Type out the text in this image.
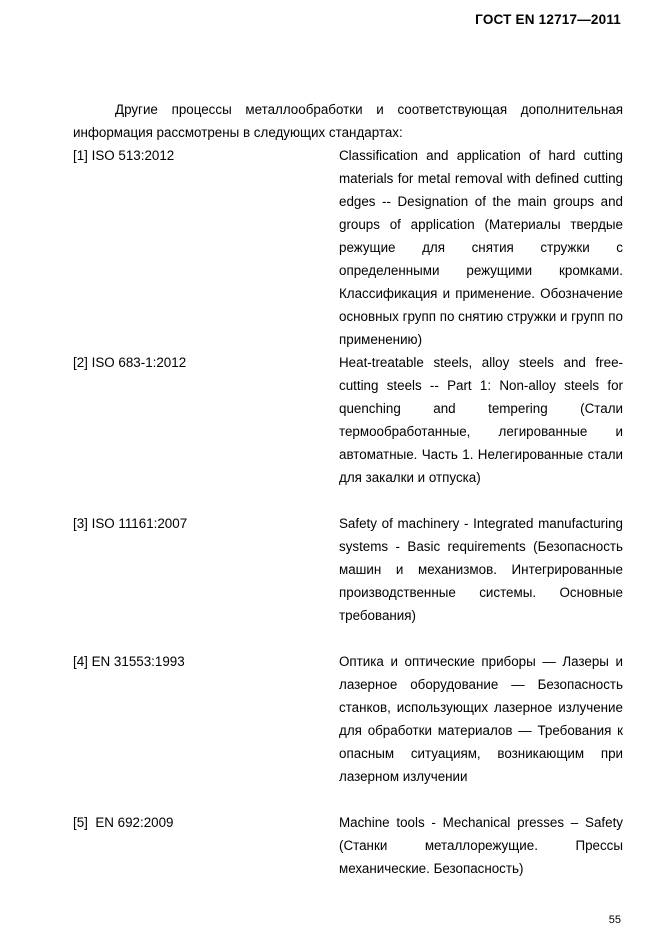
ГОСТ EN 12717—2011
Другие процессы металлообработки и соответствующая дополнительная информация рассмотрены в следующих стандартах:
[1] ISO 513:2012	Classification and application of hard cutting materials for metal removal with defined cutting edges -- Designation of the main groups and groups of application (Материалы твердые режущие для снятия стружки с определенными режущими кромками. Классификация и применение. Обозначение основных групп по снятию стружки и групп по применению)
[2] ISO 683-1:2012	Heat-treatable steels, alloy steels and free-cutting steels -- Part 1: Non-alloy steels for quenching and tempering (Стали термообработанные, легированные и автоматные. Часть 1. Нелегированные стали для закалки и отпуска)
[3] ISO 11161:2007	Safety of machinery - Integrated manufacturing systems - Basic requirements (Безопасность машин и механизмов. Интегрированные производственные системы. Основные требования)
[4] EN 31553:1993	Оптика и оптические приборы — Лазеры и лазерное оборудование — Безопасность станков, использующих лазерное излучение для обработки материалов — Требования к опасным ситуациям, возникающим при лазерном излучении
[5]  EN 692:2009	Machine tools - Mechanical presses – Safety (Станки металлорежущие. Прессы механические. Безопасность)
55
